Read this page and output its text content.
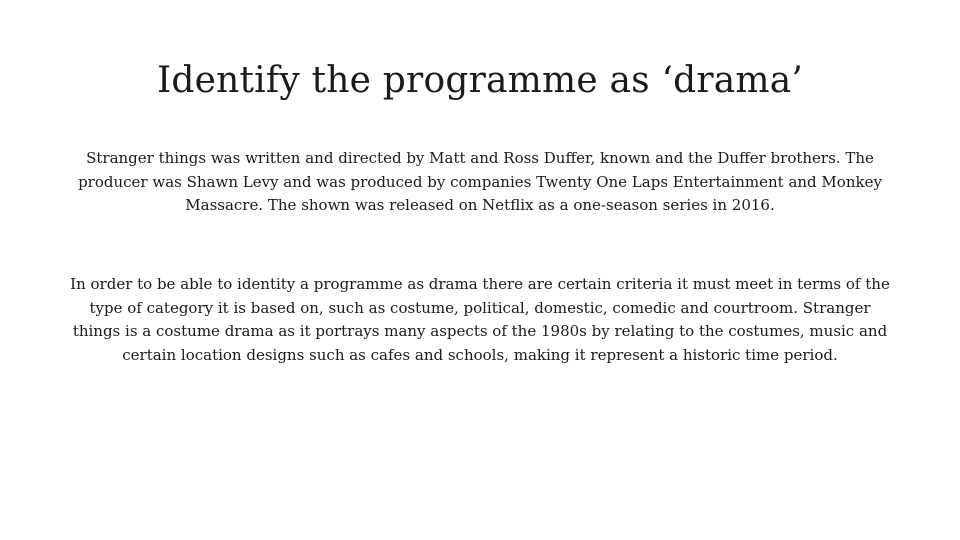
Identify the programme as ‘drama’

Stranger things was written and directed by Matt and Ross Duffer, known and the Duffer brothers. The producer was Shawn Levy and was produced by companies Twenty One Laps Entertainment and Monkey Massacre. The shown was released on Netflix as a one-season series in 2016.

In order to be able to identity a programme as drama there are certain criteria it must meet in terms of the type of category it is based on, such as costume, political, domestic, comedic and courtroom. Stranger things is a costume drama as it portrays many aspects of the 1980s by relating to the costumes, music and certain location designs such as cafes and schools, making it represent a historic time period.
